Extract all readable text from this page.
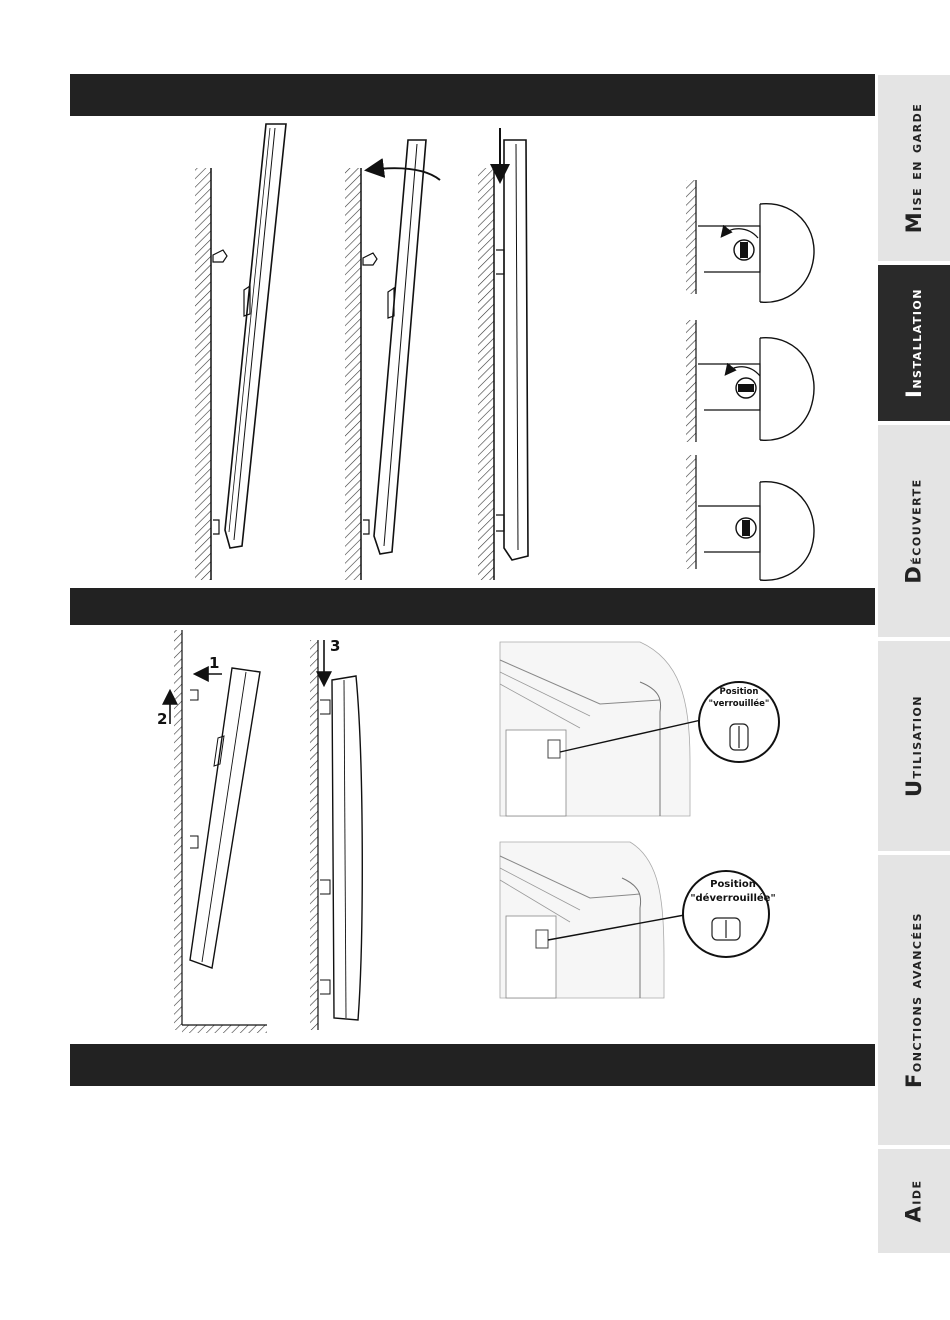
Mise en garde
Installation
Découverte
Utilisation
Fonctions avancées
Aide
1
2
3
Position
"verrouillée"
Position
"déverrouillée"
